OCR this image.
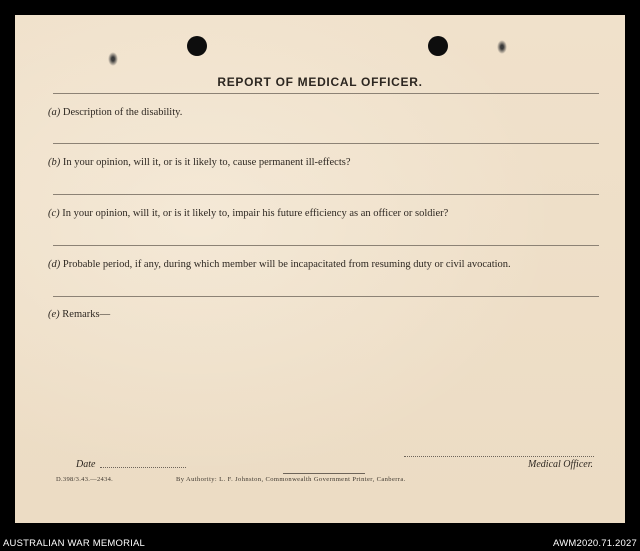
REPORT OF MEDICAL OFFICER.
(a) Description of the disability.
(b) In your opinion, will it, or is it likely to, cause permanent ill-effects?
(c) In your opinion, will it, or is it likely to, impair his future efficiency as an officer or soldier?
(d) Probable period, if any, during which member will be incapacitated from resuming duty or civil avocation.
(e) Remarks—
Date	Medical Officer.
D.398/3.43.—2434.	By Authority: L. F. Johnston, Commonwealth Government Printer, Canberra.
AUSTRALIAN WAR MEMORIAL	AWM2020.71.2027
